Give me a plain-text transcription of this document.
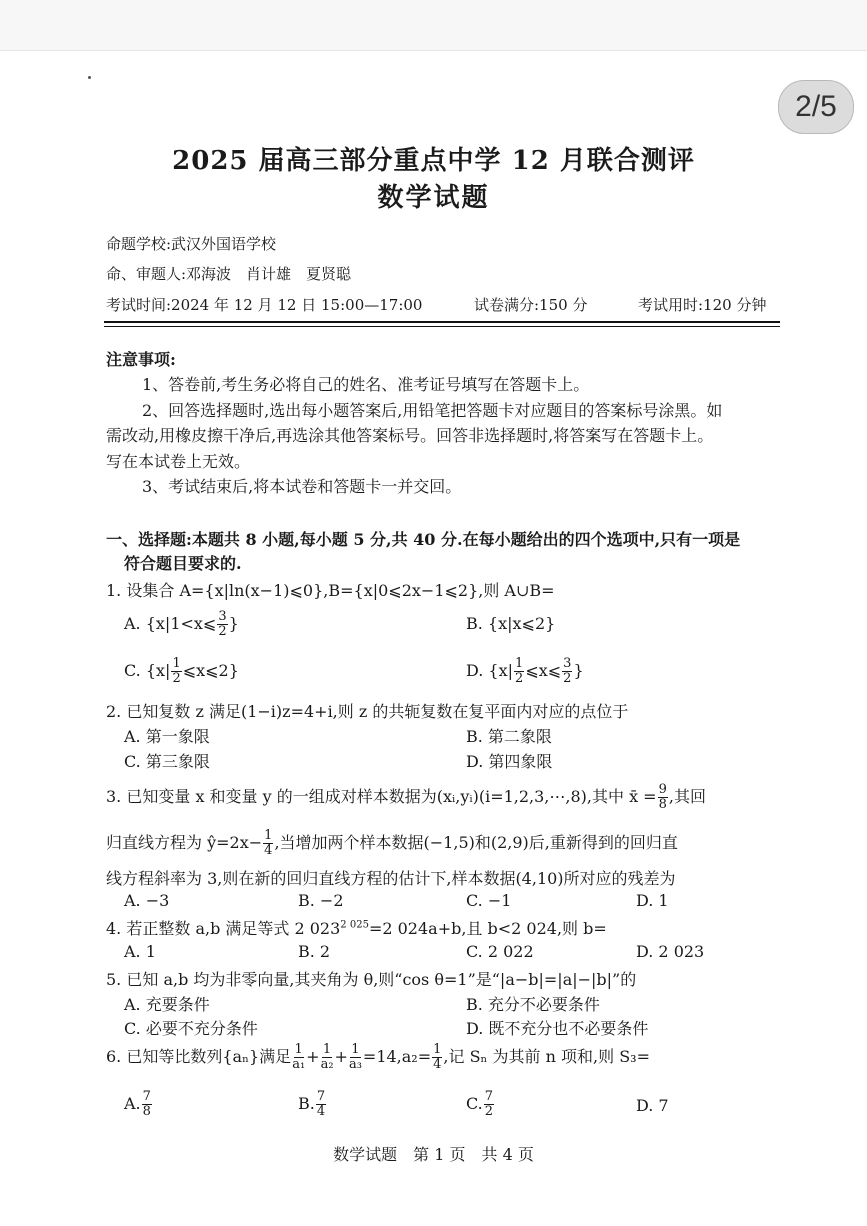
2/5
2025 届高三部分重点中学 12 月联合测评
数学试题
命题学校:武汉外国语学校
命、审题人:邓海波　肖计雄　夏贤聪
考试时间:2024 年 12 月 12 日 15:00—17:00	试卷满分:150 分	考试用时:120 分钟
注意事项:
1、答卷前,考生务必将自己的姓名、准考证号填写在答题卡上。
2、回答选择题时,选出每小题答案后,用铅笔把答题卡对应题目的答案标号涂黑。如
需改动,用橡皮擦干净后,再选涂其他答案标号。回答非选择题时,将答案写在答题卡上。
写在本试卷上无效。
3、考试结束后,将本试卷和答题卡一并交回。
一、选择题:本题共 8 小题,每小题 5 分,共 40 分.在每小题给出的四个选项中,只有一项是
符合题目要求的.
1. 设集合 A={x|ln(x−1)⩽0},B={x|0⩽2x−1⩽2},则 A∪B=
A. {x|1<x⩽ $\frac{3}{2}$ }	B. {x|x⩽2}
C. {$x| \frac{1}{2}$ ⩽x⩽2}	D. {$x| \frac{1}{2}$ ⩽x⩽ $\frac{3}{2}$ }
2. 已知复数 z 满足(1−i)z=4+i,则 z 的共轭复数在复平面内对应的点位于
A. 第一象限	B. 第二象限
C. 第三象限	D. 第四象限
3. 已知变量 x 和变量 y 的一组成对样本数据为(xᵢ,yᵢ)(i=1,2,3,⋯,8),其中 x̄ = $\frac{9}{8}$ ,其回
归直线方程为 ŷ=2x− $\frac{1}{4}$ ,当增加两个样本数据(−1,5)和(2,9)后,重新得到的回归直
线方程斜率为 3,则在新的回归直线方程的估计下,样本数据(4,10)所对应的残差为
A. −3	B. −2	C. −1	D. 1
4. 若正整数 a,b 满足等式 2 $023^{2 025}=2$ 024a+b,且 b<2 024,则 b=
A. 1	B. 2	C. 2 022	D. 2 023
5. 已知 a,b 均为非零向量,其夹角为 θ,则“cos θ=1”是“|a−b|=|a|−|b|”的
A. 充要条件	B. 充分不必要条件
C. 必要不充分条件	D. 既不充分也不必要条件
6. 已知等比数列{aₙ}满足 $\frac{1}{\text{a₁}} + \frac{1}{\text{a₂}} + \frac{1}{\text{a₃}} =14,a_2= \frac{1}{4}$ ,记 Sₙ 为其前 n 项和,则 S₃=
A. $\frac{7}{8}$	B. $\frac{7}{4}$	C. $\frac{7}{2}$	D. 7
数学试题　第 1 页　共 4 页
